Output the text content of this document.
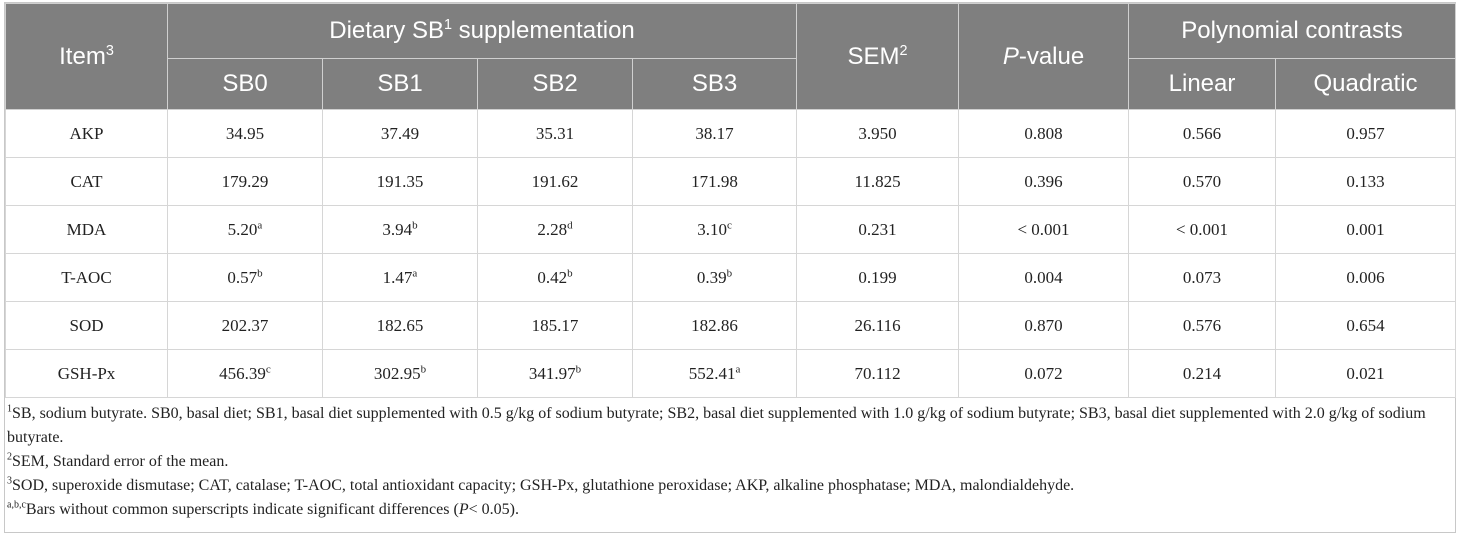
Item$^3$	Dietary $SB^1$ supplementation				SEM$^2$	P-value	Polynomial contrasts	
	SB0	SB1	SB2	SB3			Linear	Quadratic
AKP	34.95	37.49	35.31	38.17	3.950	0.808	0.566	0.957
CAT	179.29	191.35	191.62	171.98	11.825	0.396	0.570	0.133
MDA	5.20$^a$	3.94$^b$	2.28$^d$	3.10$^c$	0.231	< 0.001	< 0.001	0.001
T-AOC	0.57$^b$	1.47$^a$	0.42$^b$	0.39$^b$	0.199	0.004	0.073	0.006
SOD	202.37	182.65	185.17	182.86	26.116	0.870	0.576	0.654
GSH-Px	456.39$^c$	302.95$^b$	341.97$^b$	552.41$^a$	70.112	0.072	0.214	0.021

$^1$SB, sodium butyrate. SB0, basal diet; SB1, basal diet supplemented with 0.5 g/kg of sodium butyrate; SB2, basal diet supplemented with 1.0 g/kg of sodium butyrate; SB3, basal diet supplemented with 2.0 g/kg of sodium butyrate.

$^2$SEM, Standard error of the mean.

$^3$SOD, superoxide dismutase; CAT, catalase; T-AOC, total antioxidant capacity; GSH-Px, glutathione peroxidase; AKP, alkaline phosphatase; MDA, malondialdehyde.

$^{a,b,c}$Bars without common superscripts indicate significant differences (P< 0.05).
